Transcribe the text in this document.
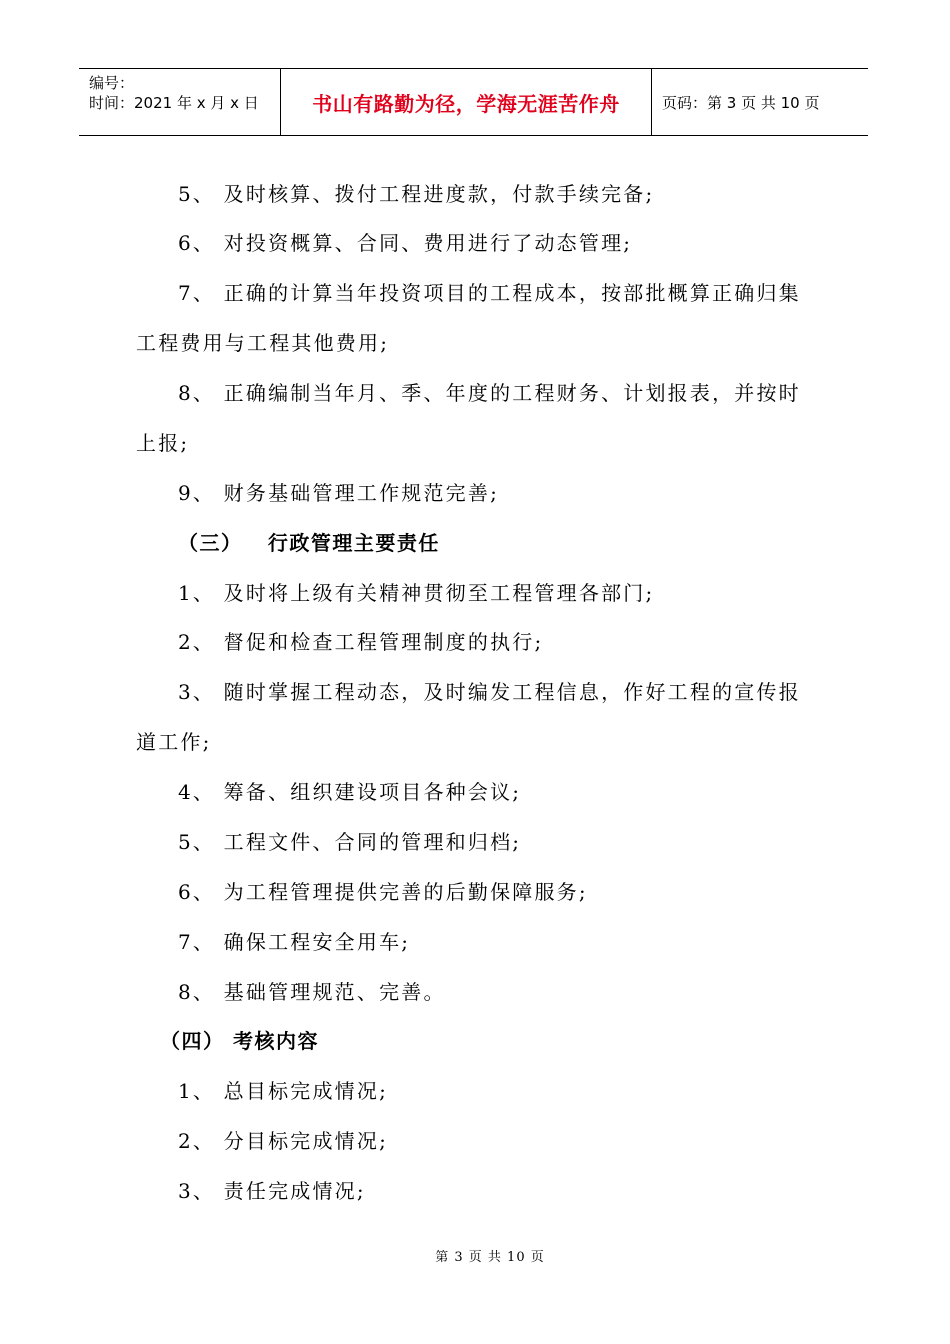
编号：
时间：2021 年 x 月 x 日	书山有路勤为径，学海无涯苦作舟	页码：第 3 页 共 10 页
5、 及时核算、拨付工程进度款，付款手续完备;
6、 对投资概算、合同、费用进行了动态管理;
7、 正确的计算当年投资项目的工程成本，按部批概算正确归集
工程费用与工程其他费用;
8、 正确编制当年月、季、年度的工程财务、计划报表，并按时
上报;
9、 财务基础管理工作规范完善;
（三）   行政管理主要责任
1、 及时将上级有关精神贯彻至工程管理各部门;
2、 督促和检查工程管理制度的执行;
3、 随时掌握工程动态，及时编发工程信息，作好工程的宣传报
道工作;
4、 筹备、组织建设项目各种会议;
5、 工程文件、合同的管理和归档;
6、 为工程管理提供完善的后勤保障服务;
7、 确保工程安全用车;
8、 基础管理规范、完善。
（四） 考核内容
1、 总目标完成情况;
2、 分目标完成情况;
3、 责任完成情况;
第 3 页 共 10 页
